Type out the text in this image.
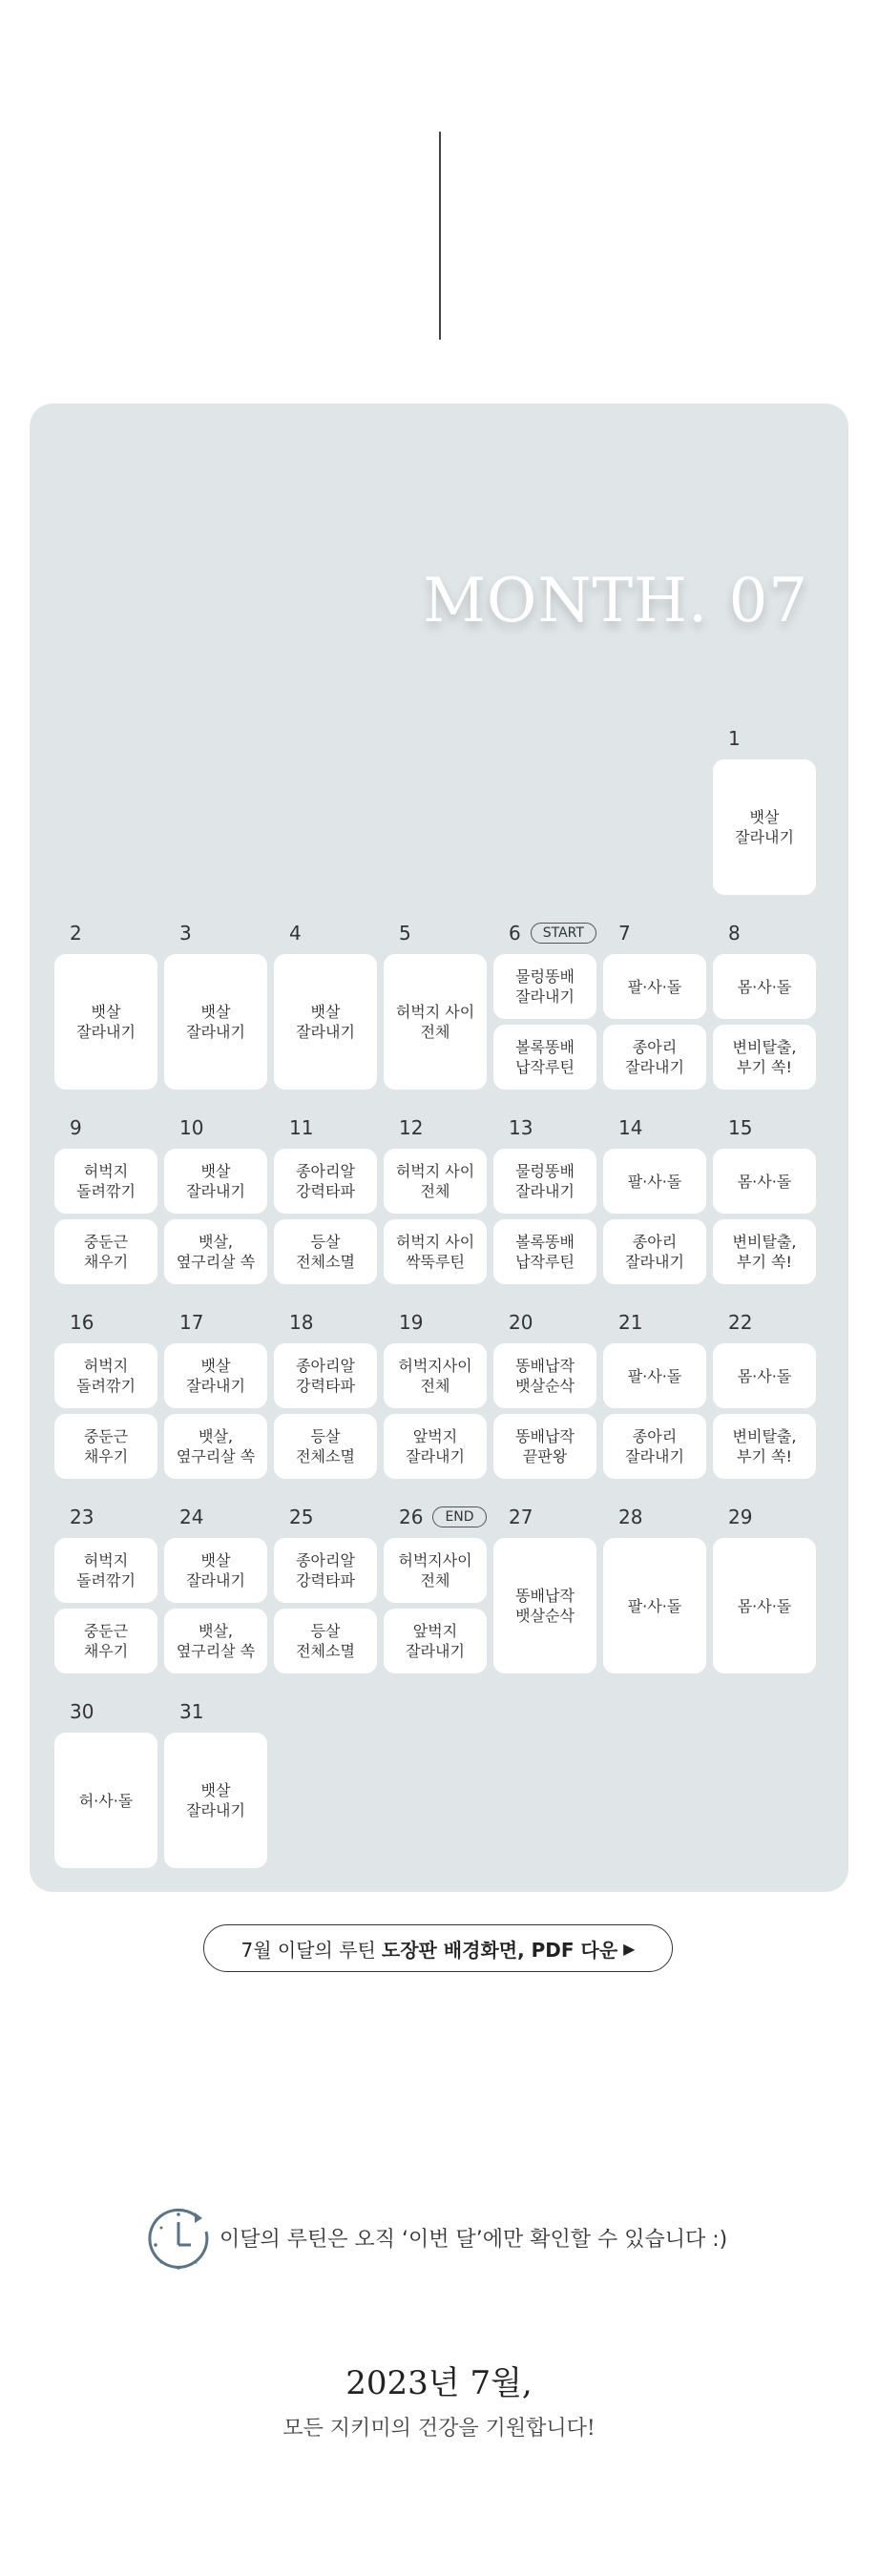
MONTH. 07
1
뱃살
잘라내기
2
뱃살
잘라내기
3
뱃살
잘라내기
4
뱃살
잘라내기
5
허벅지 사이
전체
6	START
물렁똥배
잘라내기
볼록똥배
납작루틴
7
팔·사·돌
종아리
잘라내기
8
몸·사·돌
변비탈출,
부기 쏙!
9
허벅지
돌려깎기
중둔근
채우기
10
뱃살
잘라내기
뱃살,
옆구리살 쏙
11
종아리알
강력타파
등살
전체소멸
12
허벅지 사이
전체
허벅지 사이
싹뚝루틴
13
물렁똥배
잘라내기
볼록똥배
납작루틴
14
팔·사·돌
종아리
잘라내기
15
몸·사·돌
변비탈출,
부기 쏙!
16
허벅지
돌려깎기
중둔근
채우기
17
뱃살
잘라내기
뱃살,
옆구리살 쏙
18
종아리알
강력타파
등살
전체소멸
19
허벅지사이
전체
앞벅지
잘라내기
20
똥배납작
뱃살순삭
똥배납작
끝판왕
21
팔·사·돌
종아리
잘라내기
22
몸·사·돌
변비탈출,
부기 쏙!
23
허벅지
돌려깎기
중둔근
채우기
24
뱃살
잘라내기
뱃살,
옆구리살 쏙
25
종아리알
강력타파
등살
전체소멸
26	END
허벅지사이
전체
앞벅지
잘라내기
27
똥배납작
뱃살순삭
28
팔·사·돌
29
몸·사·돌
30
허·사·돌
31
뱃살
잘라내기
7월 이달의 루틴 도장판 배경화면, PDF 다운 ▶
이달의 루틴은 오직 ‘이번 달’에만 확인할 수 있습니다 :)
2023년 7월,
모든 지키미의 건강을 기원합니다!
